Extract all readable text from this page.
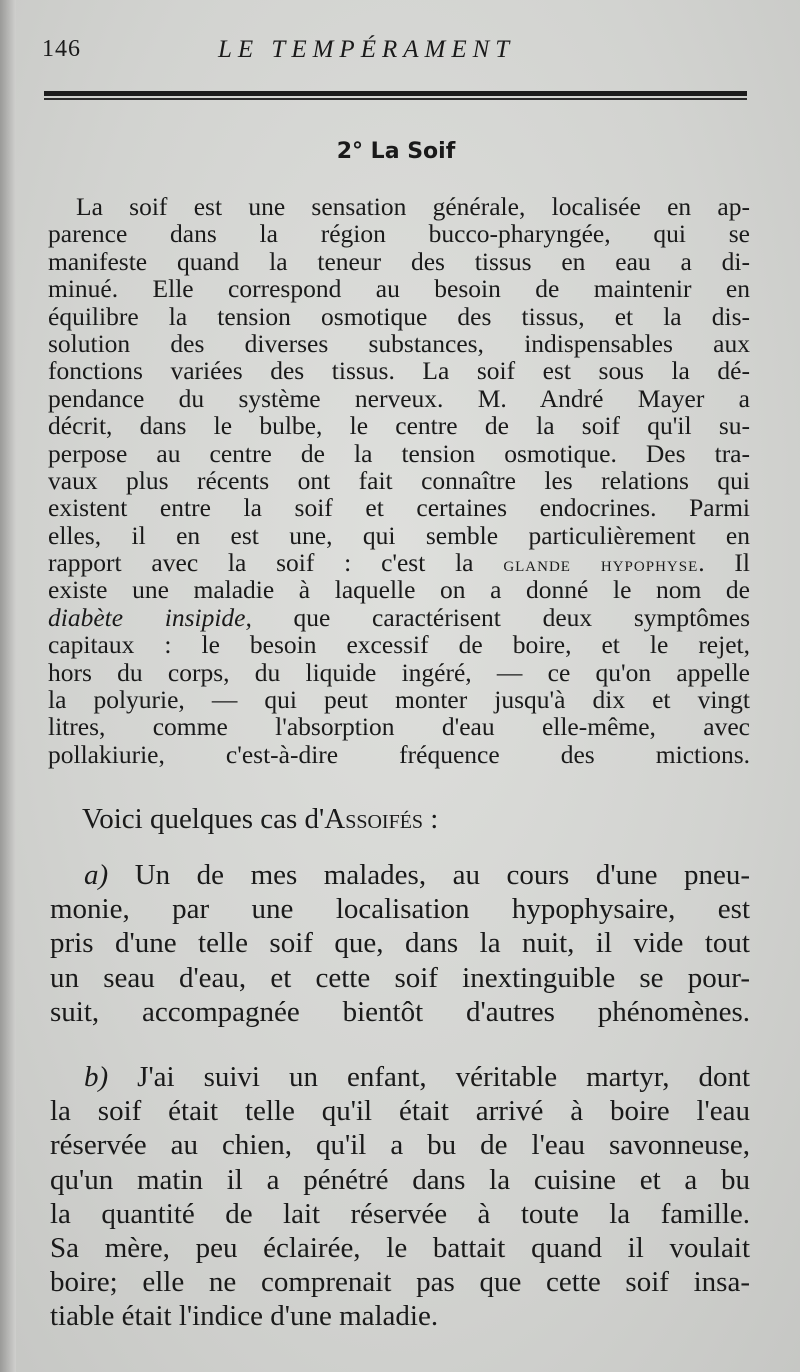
146	LE TEMPÉRAMENT
2° La Soif
La soif est une sensation générale, localisée en ap-
parence dans la région bucco-pharyngée, qui se
manifeste quand la teneur des tissus en eau a di-
minué. Elle correspond au besoin de maintenir en
équilibre la tension osmotique des tissus, et la dis-
solution des diverses substances, indispensables aux
fonctions variées des tissus. La soif est sous la dé-
pendance du système nerveux. M. André Mayer a
décrit, dans le bulbe, le centre de la soif qu'il su-
perpose au centre de la tension osmotique. Des tra-
vaux plus récents ont fait connaître les relations qui
existent entre la soif et certaines endocrines. Parmi
elles, il en est une, qui semble particulièrement en
rapport avec la soif : c'est la glande hypophyse. Il
existe une maladie à laquelle on a donné le nom de
diabète insipide, que caractérisent deux symptômes
capitaux : le besoin excessif de boire, et le rejet,
hors du corps, du liquide ingéré, — ce qu'on appelle
la polyurie, — qui peut monter jusqu'à dix et vingt
litres, comme l'absorption d'eau elle-même, avec
pollakiurie, c'est-à-dire fréquence des mictions.
Voici quelques cas d'Assoifés :
a) Un de mes malades, au cours d'une pneu-
monie, par une localisation hypophysaire, est
pris d'une telle soif que, dans la nuit, il vide tout
un seau d'eau, et cette soif inextinguible se pour-
suit, accompagnée bientôt d'autres phénomènes.
b) J'ai suivi un enfant, véritable martyr, dont
la soif était telle qu'il était arrivé à boire l'eau
réservée au chien, qu'il a bu de l'eau savonneuse,
qu'un matin il a pénétré dans la cuisine et a bu
la quantité de lait réservée à toute la famille.
Sa mère, peu éclairée, le battait quand il voulait
boire; elle ne comprenait pas que cette soif insa-
tiable était l'indice d'une maladie.
